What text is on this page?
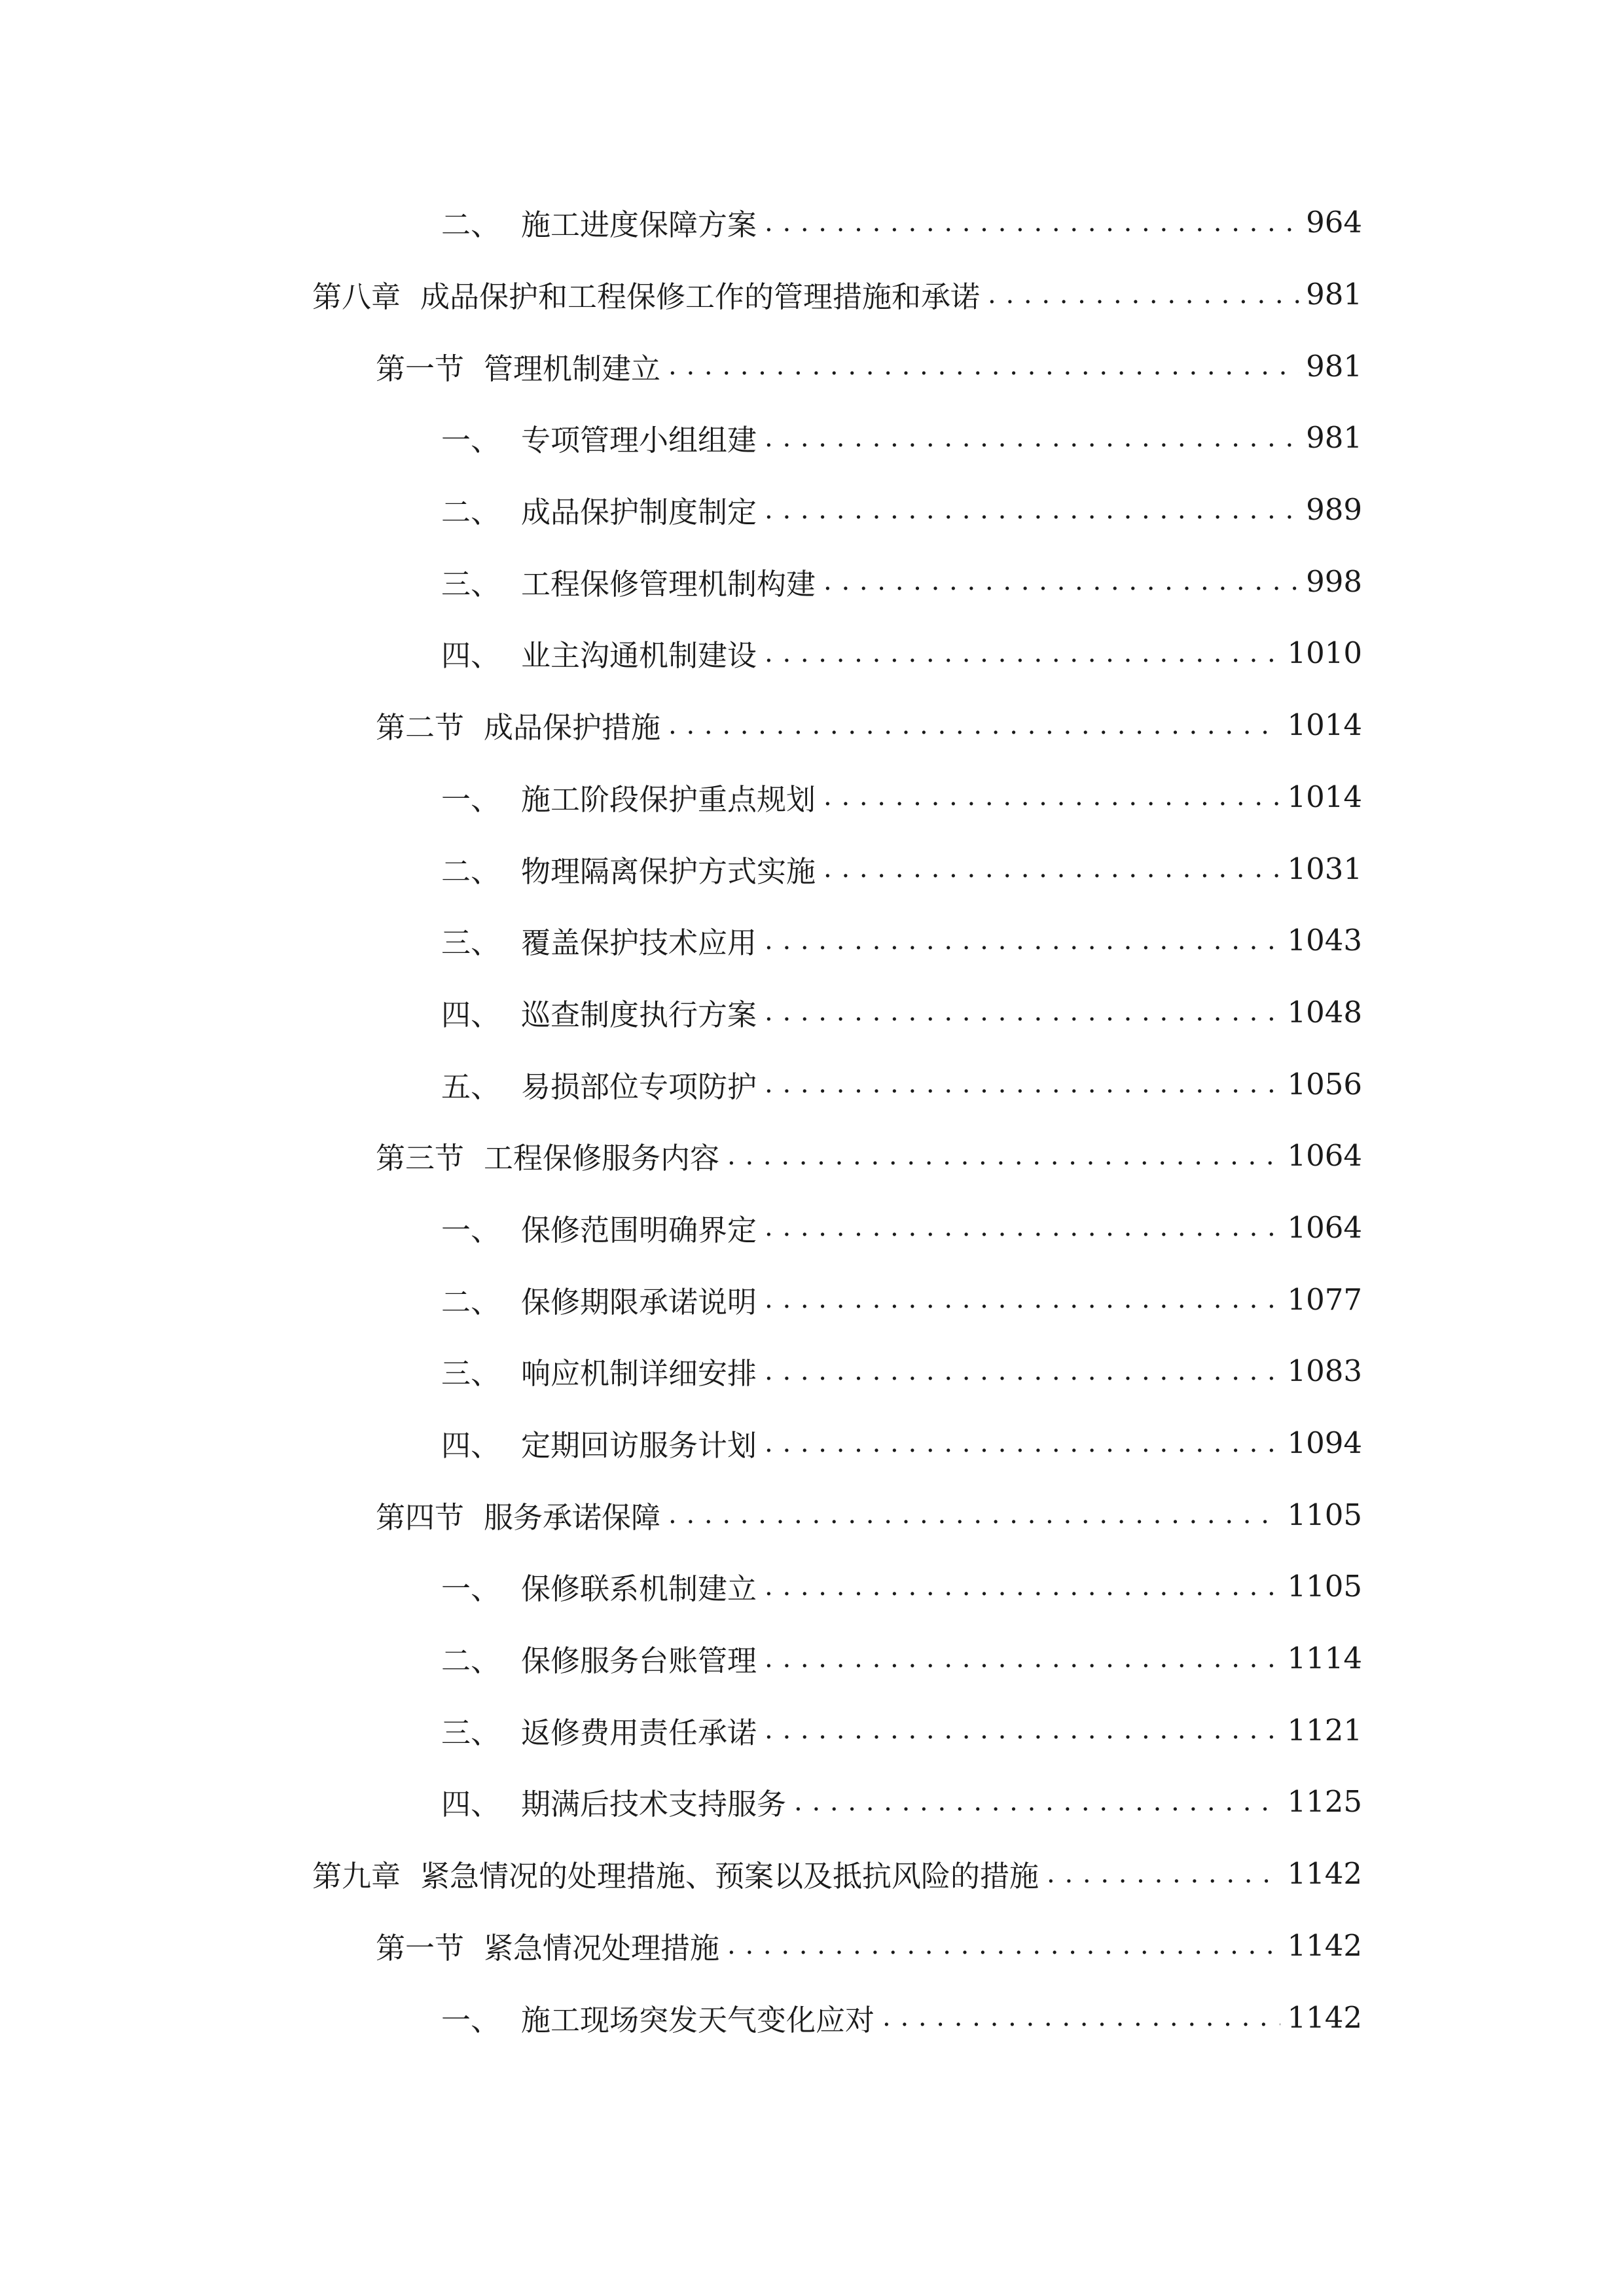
二、 施工进度保障方案 . . .	964
第八章 成品保护和工程保修工作的管理措施和承诺 . . .	981
第一节 管理机制建立 . . .	981
一、 专项管理小组组建 . . .	981
二、 成品保护制度制定 . . .	989
三、 工程保修管理机制构建 . . .	998
四、 业主沟通机制建设 . . .	1010
第二节 成品保护措施 . . .	1014
一、 施工阶段保护重点规划 . . .	1014
二、 物理隔离保护方式实施 . . .	1031
三、 覆盖保护技术应用 . . .	1043
四、 巡查制度执行方案 . . .	1048
五、 易损部位专项防护 . . .	1056
第三节 工程保修服务内容 . . .	1064
一、 保修范围明确界定 . . .	1064
二、 保修期限承诺说明 . . .	1077
三、 响应机制详细安排 . . .	1083
四、 定期回访服务计划 . . .	1094
第四节 服务承诺保障 . . .	1105
一、 保修联系机制建立 . . .	1105
二、 保修服务台账管理 . . .	1114
三、 返修费用责任承诺 . . .	1121
四、 期满后技术支持服务 . . .	1125
第九章 紧急情况的处理措施、预案以及抵抗风险的措施 . . .	1142
第一节 紧急情况处理措施 . . .	1142
一、 施工现场突发天气变化应对 . . .	1142
